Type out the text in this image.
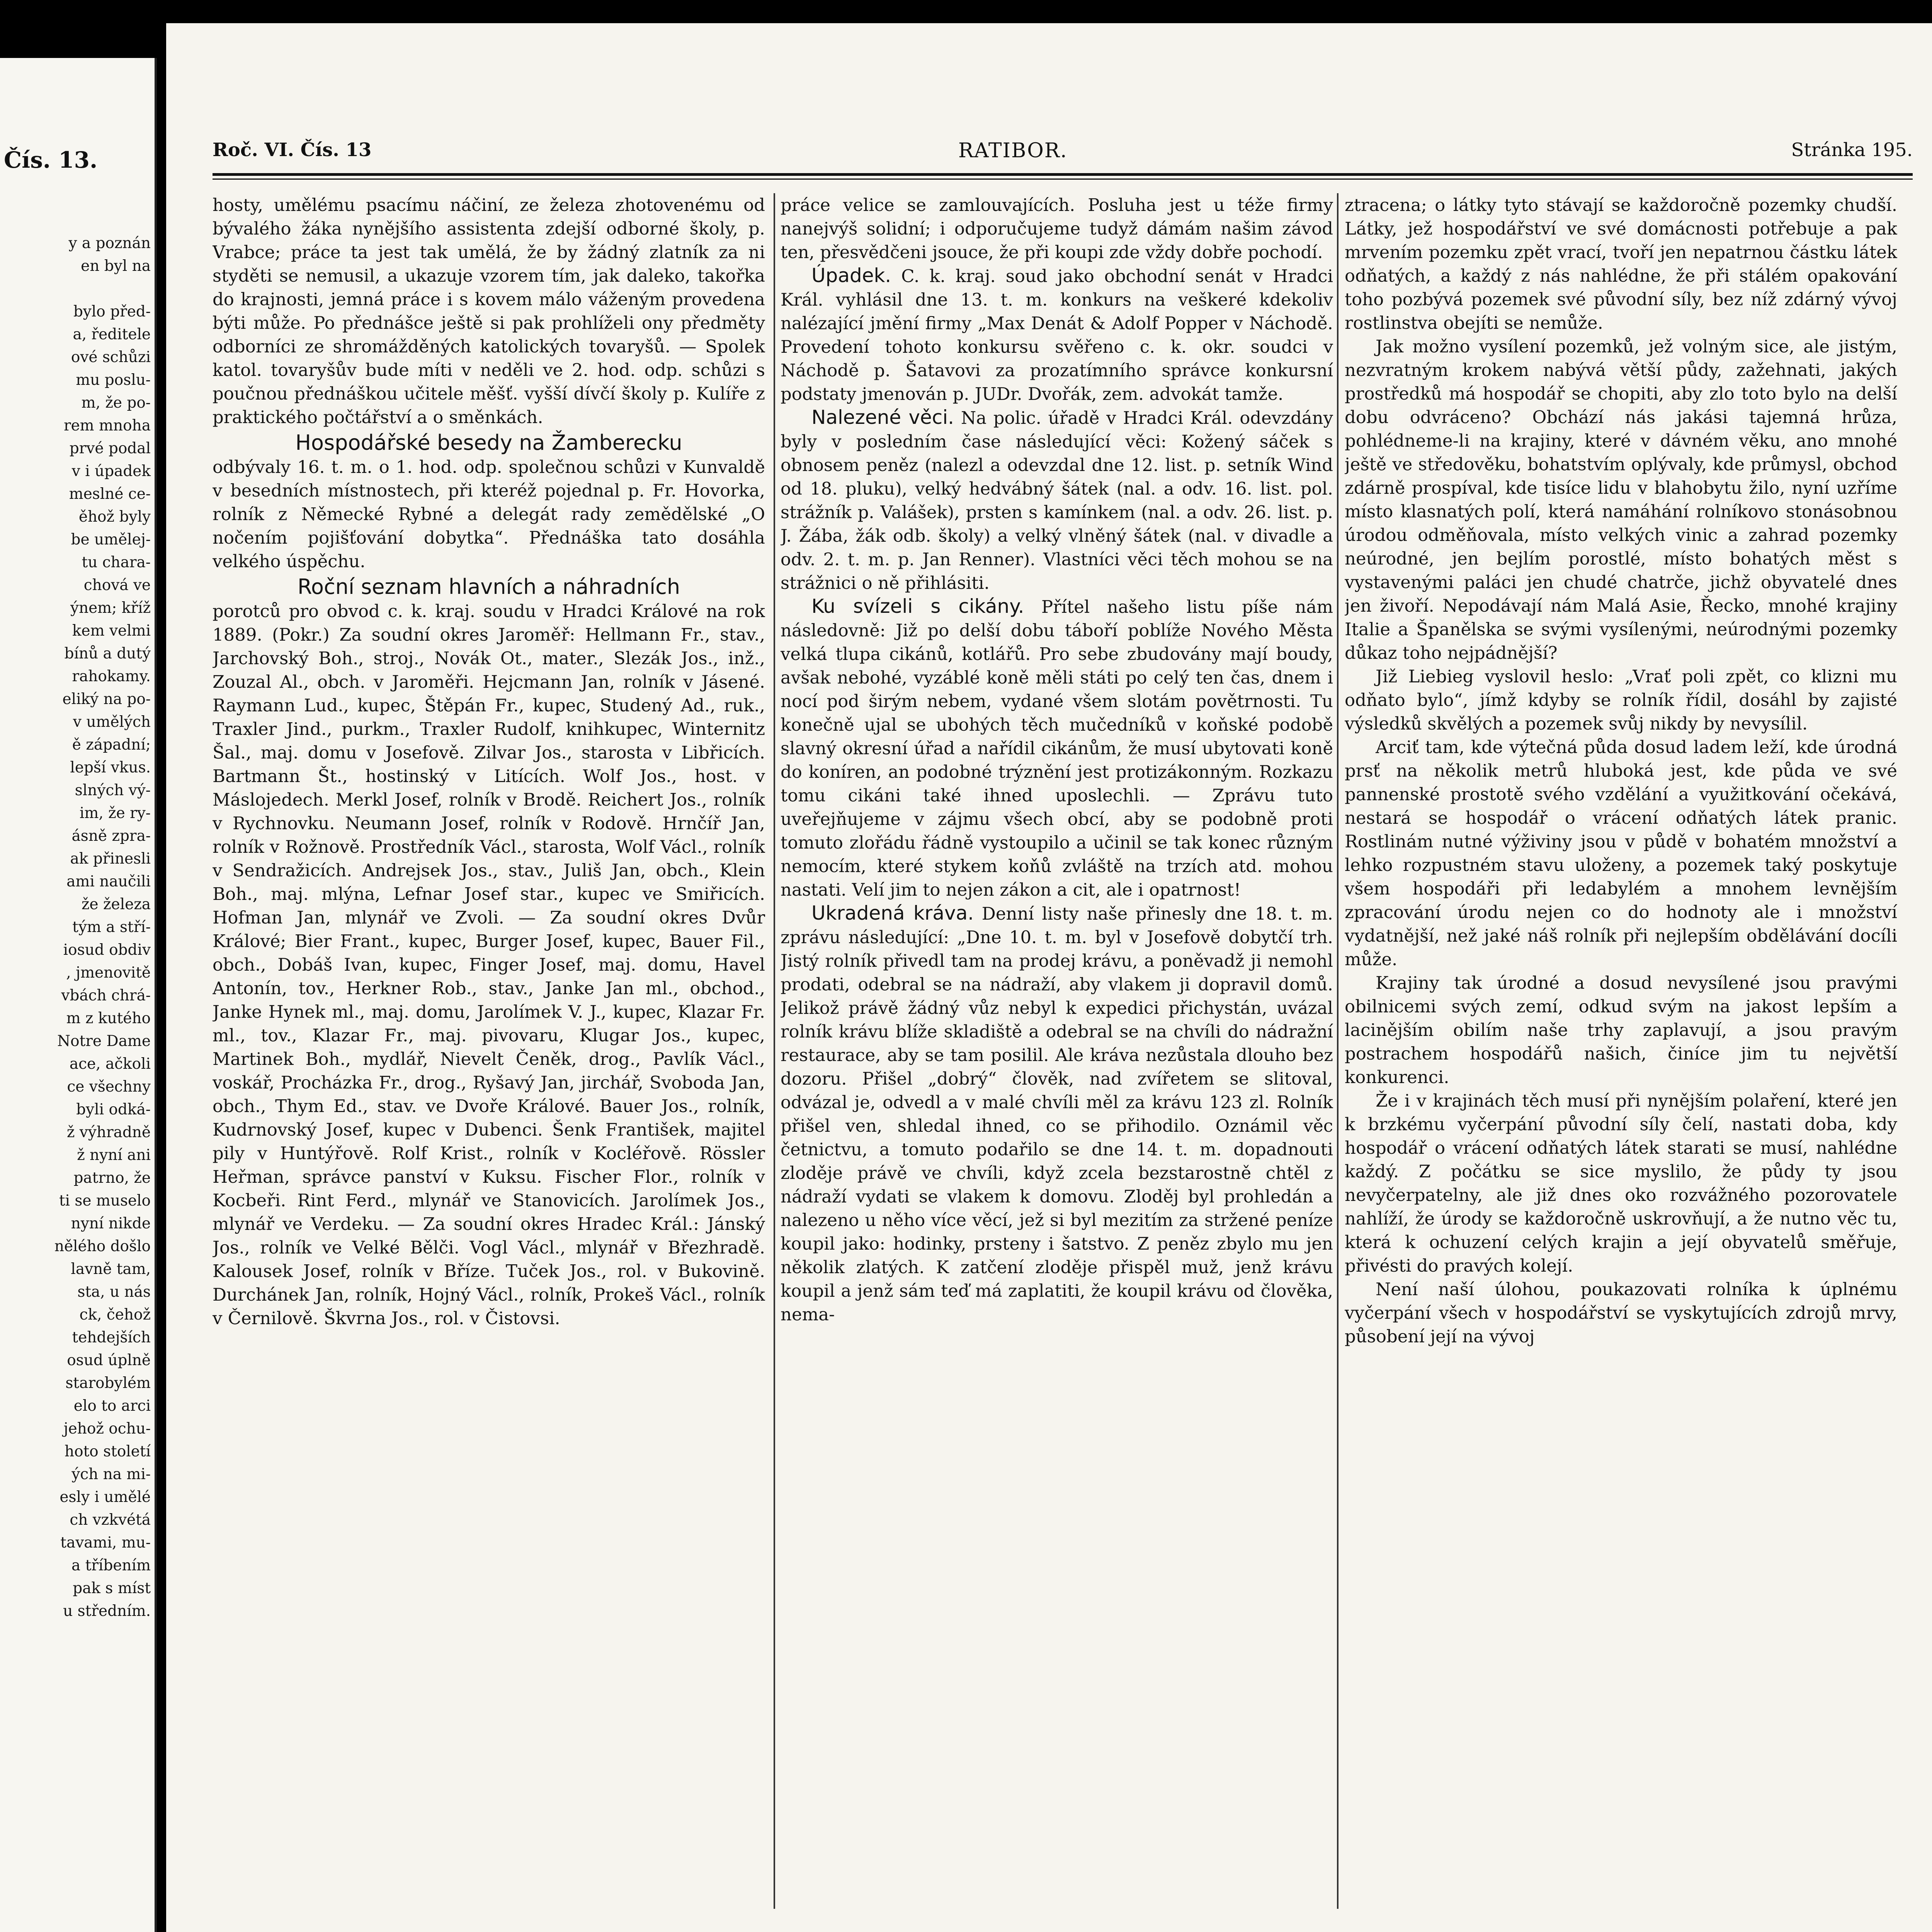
Čís. 13.
y a poznán
en byl na

bylo před-
a, ředitele
ové schůzi
mu poslu-
m, že po-
rem mnoha
prvé podal
v i úpadek
meslné ce-
ěhož byly
be umělej-
tu chara-
chová ve
ýnem; kříž
kem velmi
bínů a dutý
rahokamy.
eliký na po-
v umělých
ě západní;
lepší vkus.
slných vý-
im, že ry-
ásně zpra-
ak přinesli
ami naučili
že železa
tým a stří-
iosud obdiv
, jmenovitě
vbách chrá-
m z kutého
Notre Dame
ace, ačkoli
ce všechny
byli odká-
ž výhradně
ž nyní ani
patrno, že
ti se muselo
nyní nikde
nělého došlo
lavně tam,
sta, u nás
ck, čehož
tehdejších
osud úplně
starobylém
elo to arci
jehož ochu-
hoto století
ých na mi-
esly i umělé
ch vzkvétá
tavami, mu-
a tříbením
pak s míst
u středním.
Roč. VI. Čís. 13	RATIBOR.	Stránka 195.

hosty, umělému psacímu náčiní, ze železa zhotovenému od bývalého žáka nynějšího assistenta zdejší odborné školy, p. Vrabce; práce ta jest tak umělá, že by žádný zlatník za ni styděti se nemusil, a ukazuje vzorem tím, jak daleko, takořka do krajnosti, jemná práce i s kovem málo váženým provedena býti může. Po přednášce ještě si pak prohlíželi ony předměty odborníci ze shromážděných katolických tovaryšů. — Spolek katol. tovaryšův bude míti v neděli ve 2. hod. odp. schůzi s poučnou přednáškou učitele měšť. vyšší dívčí školy p. Kulíře z praktického počtářství a o směnkách.

Hospodářské besedy na Žamberecku

odbývaly 16. t. m. o 1. hod. odp. společnou schůzi v Kunvaldě v besedních místnostech, při kteréž pojednal p. Fr. Hovorka, rolník z Německé Rybné a delegát rady zemědělské „O nočením pojišťování dobytka“. Přednáška tato dosáhla velkého úspěchu.

Roční seznam hlavních a náhradních

porotců pro obvod c. k. kraj. soudu v Hradci Králové na rok 1889. (Pokr.) Za soudní okres Jaroměř: Hellmann Fr., stav., Jarchovský Boh., stroj., Novák Ot., mater., Slezák Jos., inž., Zouzal Al., obch. v Jaroměři. Hejcmann Jan, rolník v Jásené. Raymann Lud., kupec, Štěpán Fr., kupec, Studený Ad., ruk., Traxler Jind., purkm., Traxler Rudolf, knihkupec, Winternitz Šal., maj. domu v Josefově. Zilvar Jos., starosta v Libřicích. Bartmann Št., hostinský v Litících. Wolf Jos., host. v Máslojedech. Merkl Josef, rolník v Brodě. Reichert Jos., rolník v Rychnovku. Neumann Josef, rolník v Rodově. Hrnčíř Jan, rolník v Rožnově. Prostředník Václ., starosta, Wolf Václ., rolník v Sendražicích. Andrejsek Jos., stav., Juliš Jan, obch., Klein Boh., maj. mlýna, Lefnar Josef star., kupec ve Smiřicích. Hofman Jan, mlynář ve Zvoli. — Za soudní okres Dvůr Králové; Bier Frant., kupec, Burger Josef, kupec, Bauer Fil., obch., Dobáš Ivan, kupec, Finger Josef, maj. domu, Havel Antonín, tov., Herkner Rob., stav., Janke Jan ml., obchod., Janke Hynek ml., maj. domu, Jarolímek V. J., kupec, Klazar Fr. ml., tov., Klazar Fr., maj. pivovaru, Klugar Jos., kupec, Martinek Boh., mydlář, Nievelt Čeněk, drog., Pavlík Václ., voskář, Procházka Fr., drog., Ryšavý Jan, jirchář, Svoboda Jan, obch., Thym Ed., stav. ve Dvoře Králové. Bauer Jos., rolník, Kudrnovský Josef, kupec v Dubenci. Šenk František, majitel pily v Huntýřově. Rolf Krist., rolník v Kocléřově. Rössler Heřman, správce panství v Kuksu. Fischer Flor., rolník v Kocbeři. Rint Ferd., mlynář ve Stanovicích. Jarolímek Jos., mlynář ve Verdeku. — Za soudní okres Hradec Král.: Jánský Jos., rolník ve Velké Bělči. Vogl Václ., mlynář v Březhradě. Kalousek Josef, rolník v Bříze. Tuček Jos., rol. v Bukovině. Durchánek Jan, rolník, Hojný Václ., rolník, Prokeš Václ., rolník v Černilově. Škvrna Jos., rol. v Čistovsi.

práce velice se zamlouvajících. Posluha jest u téže firmy nanejvýš solidní; i odporučujeme tudyž dámám našim závod ten, přesvědčeni jsouce, že při koupi zde vždy dobře pochodí.

Úpadek. C. k. kraj. soud jako obchodní senát v Hradci Král. vyhlásil dne 13. t. m. konkurs na veškeré kdekoliv nalézající jmění firmy „Max Denát & Adolf Popper v Náchodě. Provedení tohoto konkursu svěřeno c. k. okr. soudci v Náchodě p. Šatavovi za prozatímního správce konkursní podstaty jmenován p. JUDr. Dvořák, zem. advokát tamže.

Nalezené věci. Na polic. úřadě v Hradci Král. odevzdány byly v posledním čase následující věci: Kožený sáček s obnosem peněz (nalezl a odevzdal dne 12. list. p. setník Wind od 18. pluku), velký hedvábný šátek (nal. a odv. 16. list. pol. strážník p. Valášek), prsten s kamínkem (nal. a odv. 26. list. p. J. Žába, žák odb. školy) a velký vlněný šátek (nal. v divadle a odv. 2. t. m. p. Jan Renner). Vlastníci věci těch mohou se na strážnici o ně přihlásiti.

Ku svízeli s cikány. Přítel našeho listu píše nám následovně: Již po delší dobu táboří poblíže Nového Města velká tlupa cikánů, kotlářů. Pro sebe zbudovány mají boudy, avšak nebohé, vyzáblé koně měli státi po celý ten čas, dnem i nocí pod širým nebem, vydané všem slotám povětrnosti. Tu konečně ujal se ubohých těch mučedníků v koňské podobě slavný okresní úřad a nařídil cikánům, že musí ubytovati koně do koníren, an podobné trýznění jest protizákonným. Rozkazu tomu cikáni také ihned uposlechli. — Zprávu tuto uveřejňujeme v zájmu všech obcí, aby se podobně proti tomuto zlořádu řádně vystoupilo a učinil se tak konec různým nemocím, které stykem koňů zvláště na trzích atd. mohou nastati. Velí jim to nejen zákon a cit, ale i opatrnost!

Ukradená kráva. Denní listy naše přinesly dne 18. t. m. zprávu následující: „Dne 10. t. m. byl v Josefově dobytčí trh. Jistý rolník přivedl tam na prodej krávu, a poněvadž ji nemohl prodati, odebral se na nádraží, aby vlakem ji dopravil domů. Jelikož právě žádný vůz nebyl k expedici přichystán, uvázal rolník krávu blíže skladiště a odebral se na chvíli do nádražní restaurace, aby se tam posilil. Ale kráva nezůstala dlouho bez dozoru. Přišel „dobrý“ člověk, nad zvířetem se slitoval, odvázal je, odvedl a v malé chvíli měl za krávu 123 zl. Rolník přišel ven, shledal ihned, co se přihodilo. Oznámil věc četnictvu, a tomuto podařilo se dne 14. t. m. dopadnouti zloděje právě ve chvíli, když zcela bezstarostně chtěl z nádraží vydati se vlakem k domovu. Zloděj byl prohledán a nalezeno u něho více věcí, jež si byl mezitím za stržené peníze koupil jako: hodinky, prsteny i šatstvo. Z peněz zbylo mu jen několik zlatých. K zatčení zloděje přispěl muž, jenž krávu koupil a jenž sám teď má zaplatiti, že koupil krávu od člověka, nema-

ztracena; o látky tyto stávají se každoročně pozemky chudší. Látky, jež hospodářství ve své domácnosti potřebuje a pak mrvením pozemku zpět vrací, tvoří jen nepatrnou částku látek odňatých, a každý z nás nahlédne, že při stálém opakování toho pozbývá pozemek své původní síly, bez níž zdárný vývoj rostlinstva obejíti se nemůže.

Jak možno vysílení pozemků, jež volným sice, ale jistým, nezvratným krokem nabývá větší půdy, zažehnati, jakých prostředků má hospodář se chopiti, aby zlo toto bylo na delší dobu odvráceno? Obchází nás jakási tajemná hrůza, pohlédneme-li na krajiny, které v dávném věku, ano mnohé ještě ve středověku, bohatstvím oplývaly, kde průmysl, obchod zdárně prospíval, kde tisíce lidu v blahobytu žilo, nyní uzříme místo klasnatých polí, která namáhání rolníkovo stonásobnou úrodou odměňovala, místo velkých vinic a zahrad pozemky neúrodné, jen bejlím porostlé, místo bohatých měst s vystavenými paláci jen chudé chatrče, jichž obyvatelé dnes jen živoří. Nepodávají nám Malá Asie, Řecko, mnohé krajiny Italie a Španělska se svými vysílenými, neúrodnými pozemky důkaz toho nejpádnější?

Již Liebieg vyslovil heslo: „Vrať poli zpět, co klizni mu odňato bylo“, jímž kdyby se rolník řídil, dosáhl by zajisté výsledků skvělých a pozemek svůj nikdy by nevysílil.

Arciť tam, kde výtečná půda dosud ladem leží, kde úrodná prsť na několik metrů hluboká jest, kde půda ve své pannenské prostotě svého vzdělání a využitkování očekává, nestará se hospodář o vrácení odňatých látek pranic. Rostlinám nutné výživiny jsou v půdě v bohatém množství a lehko rozpustném stavu uloženy, a pozemek taký poskytuje všem hospodáři při ledabylém a mnohem levnějším zpracování úrodu nejen co do hodnoty ale i množství vydatnější, než jaké náš rolník při nejlepším obdělávání docíli může.

Krajiny tak úrodné a dosud nevysílené jsou pravými obilnicemi svých zemí, odkud svým na jakost lepším a lacinějším obilím naše trhy zaplavují, a jsou pravým postrachem hospodářů našich, činíce jim tu největší konkurenci.

Že i v krajinách těch musí při nynějším polaření, které jen k brzkému vyčerpání původní síly čelí, nastati doba, kdy hospodář o vrácení odňatých látek starati se musí, nahlédne každý. Z počátku se sice myslilo, že půdy ty jsou nevyčerpatelny, ale již dnes oko rozvážného pozorovatele nahlíží, že úrody se každoročně uskrovňují, a že nutno věc tu, která k ochuzení celých krajin a její obyvatelů směřuje, přivésti do pravých kolejí.

Není naší úlohou, poukazovati rolníka k úplnému vyčerpání všech v hospodářství se vyskytujících zdrojů mrvy, působení její na vývoj
